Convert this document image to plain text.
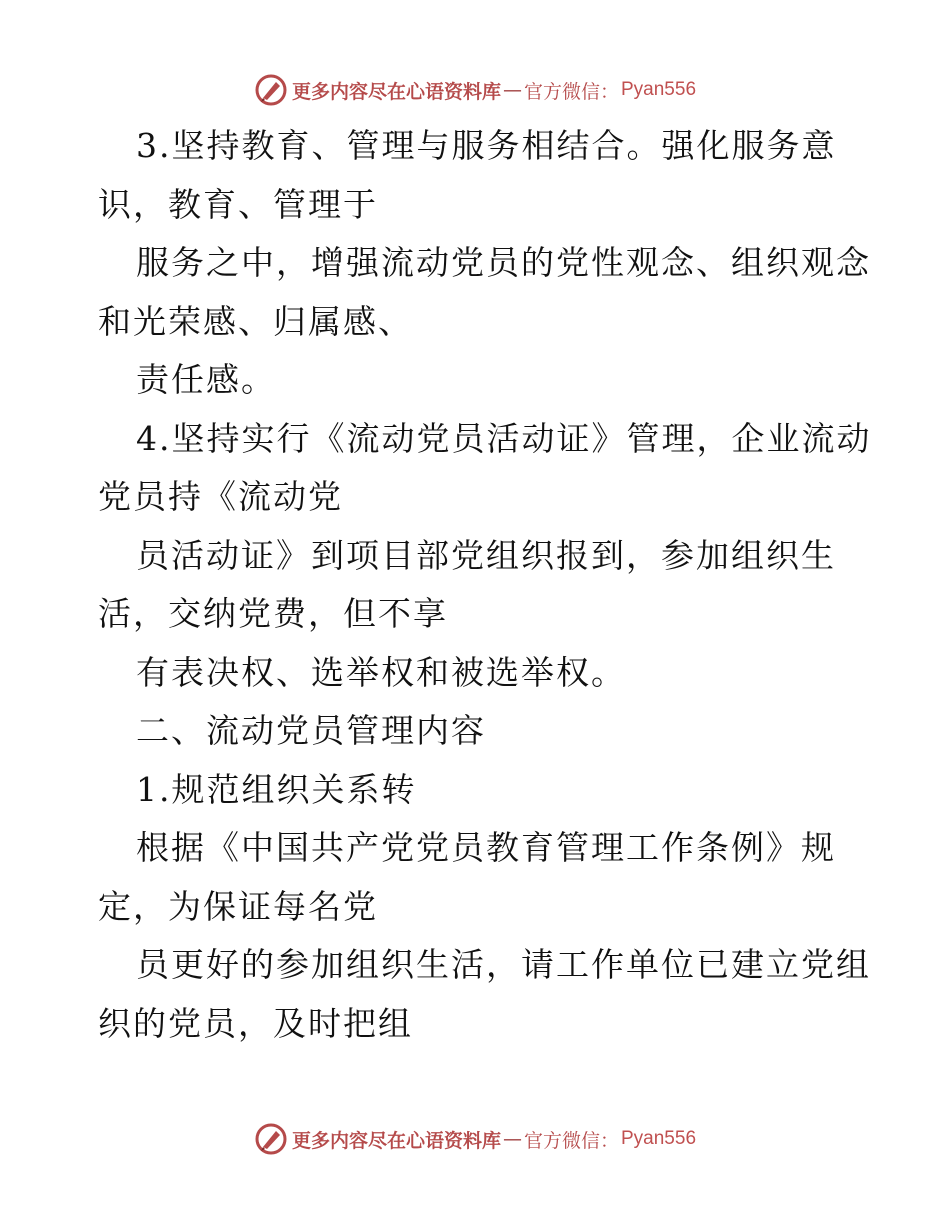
更多内容尽在心语资料库 — 官方微信： Pyan556
3.坚持教育、管理与服务相结合。强化服务意
识，教育、管理于
服务之中，增强流动党员的党性观念、组织观念
和光荣感、归属感、
责任感。
4.坚持实行《流动党员活动证》管理，企业流动
党员持《流动党
员活动证》到项目部党组织报到，参加组织生
活，交纳党费，但不享
有表决权、选举权和被选举权。
二、流动党员管理内容
1.规范组织关系转
根据《中国共产党党员教育管理工作条例》规
定，为保证每名党
员更好的参加组织生活，请工作单位已建立党组
织的党员，及时把组
更多内容尽在心语资料库 — 官方微信： Pyan556
